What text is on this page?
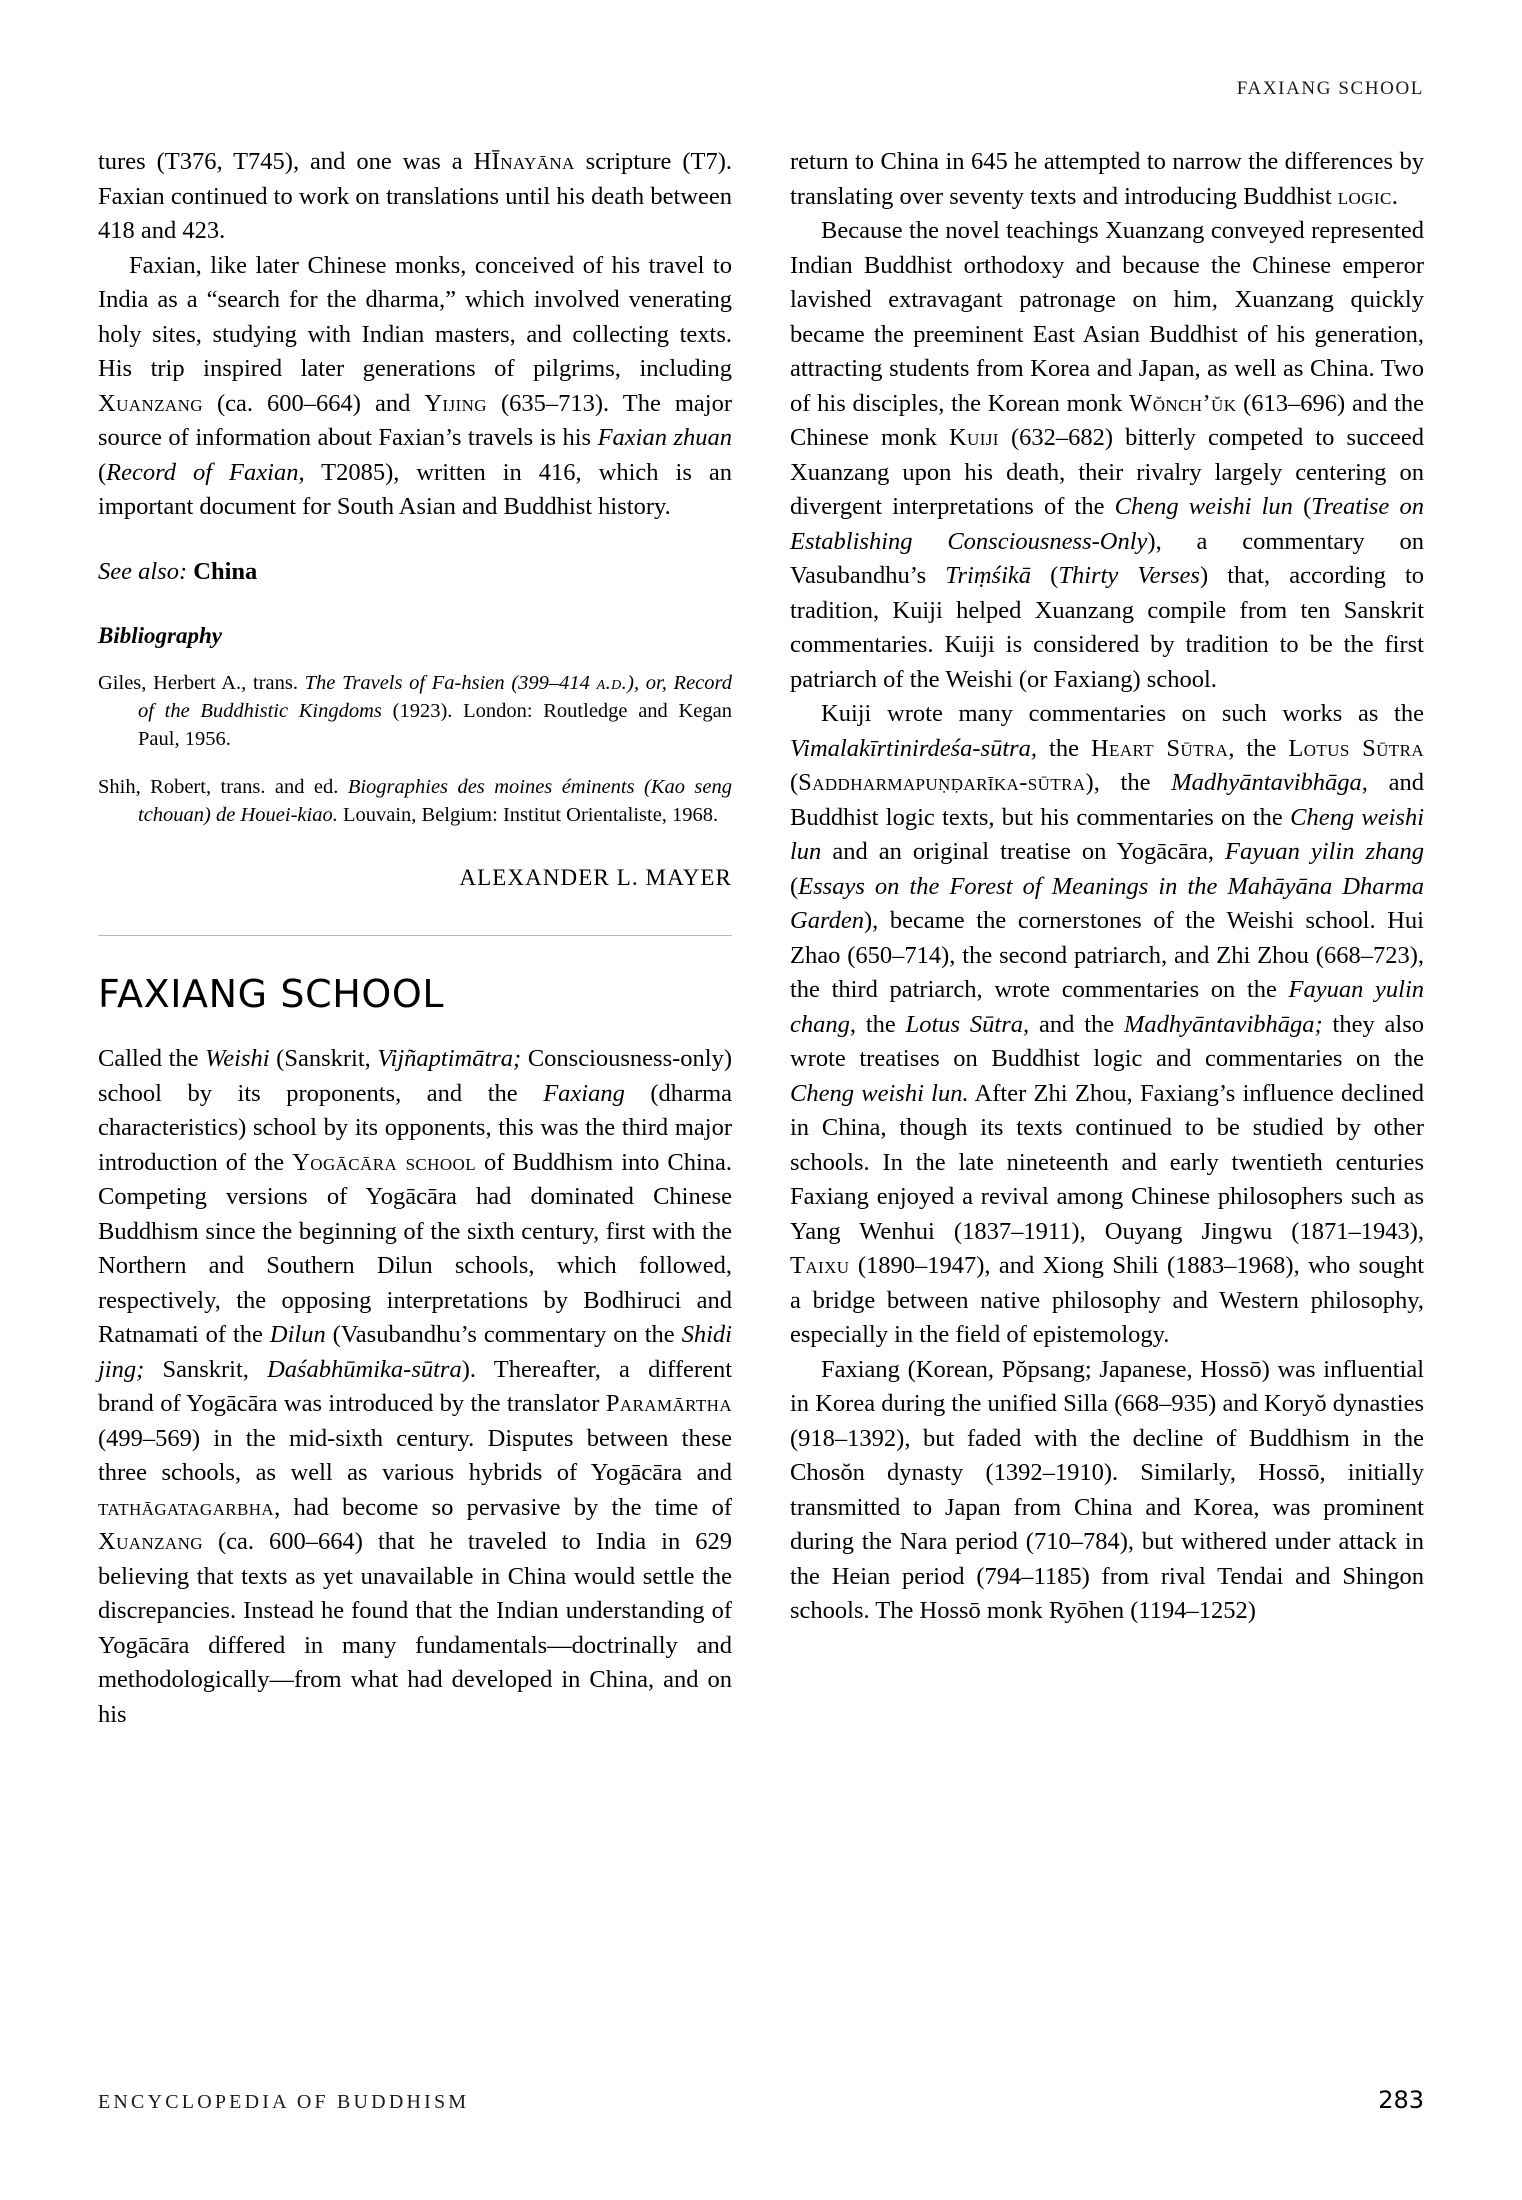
FAXIANG SCHOOL

tures (T376, T745), and one was a HĪnayāna scripture (T7). Faxian continued to work on translations until his death between 418 and 423.

Faxian, like later Chinese monks, conceived of his travel to India as a “search for the dharma,” which involved venerating holy sites, studying with Indian masters, and collecting texts. His trip inspired later generations of pilgrims, including Xuanzang (ca. 600–664) and Yijing (635–713). The major source of information about Faxian’s travels is his Faxian zhuan (Record of Faxian, T2085), written in 416, which is an important document for South Asian and Buddhist history.

See also: China
Bibliography
Giles, Herbert A., trans. The Travels of Fa-hsien (399–414 a.d.), or, Record of the Buddhistic Kingdoms (1923). London: Routledge and Kegan Paul, 1956.
Shih, Robert, trans. and ed. Biographies des moines éminents (Kao seng tchouan) de Houei-kiao. Louvain, Belgium: Institut Orientaliste, 1968.
ALEXANDER L. MAYER
FAXIANG SCHOOL

Called the Weishi (Sanskrit, Vijñaptimātra; Consciousness-only) school by its proponents, and the Faxiang (dharma characteristics) school by its opponents, this was the third major introduction of the Yogācāra school of Buddhism into China. Competing versions of Yogācāra had dominated Chinese Buddhism since the beginning of the sixth century, first with the Northern and Southern Dilun schools, which followed, respectively, the opposing interpretations by Bodhiruci and Ratnamati of the Dilun (Vasubandhu’s commentary on the Shidi jing; Sanskrit, Daśabhūmika-sūtra). Thereafter, a different brand of Yogācāra was introduced by the translator Paramārtha (499–569) in the mid-sixth century. Disputes between these three schools, as well as various hybrids of Yogācāra and tathāgatagarbha, had become so pervasive by the time of Xuanzang (ca. 600–664) that he traveled to India in 629 believing that texts as yet unavailable in China would settle the discrepancies. Instead he found that the Indian understanding of Yogācāra differed in many fundamentals—doctrinally and methodologically—from what had developed in China, and on his

return to China in 645 he attempted to narrow the differences by translating over seventy texts and introducing Buddhist logic.

Because the novel teachings Xuanzang conveyed represented Indian Buddhist orthodoxy and because the Chinese emperor lavished extravagant patronage on him, Xuanzang quickly became the preeminent East Asian Buddhist of his generation, attracting students from Korea and Japan, as well as China. Two of his disciples, the Korean monk Wŏnch’ŭk (613–696) and the Chinese monk Kuiji (632–682) bitterly competed to succeed Xuanzang upon his death, their rivalry largely centering on divergent interpretations of the Cheng weishi lun (Treatise on Establishing Consciousness-Only), a commentary on Vasubandhu’s Triṃśikā (Thirty Verses) that, according to tradition, Kuiji helped Xuanzang compile from ten Sanskrit commentaries. Kuiji is considered by tradition to be the first patriarch of the Weishi (or Faxiang) school.

Kuiji wrote many commentaries on such works as the Vimalakīrtinirdeśa-sūtra, the Heart Sūtra, the Lotus Sūtra (Saddharmapuṇḍarīka-sūtra), the Madhyāntavibhāga, and Buddhist logic texts, but his commentaries on the Cheng weishi lun and an original treatise on Yogācāra, Fayuan yilin zhang (Essays on the Forest of Meanings in the Mahāyāna Dharma Garden), became the cornerstones of the Weishi school. Hui Zhao (650–714), the second patriarch, and Zhi Zhou (668–723), the third patriarch, wrote commentaries on the Fayuan yulin chang, the Lotus Sūtra, and the Madhyāntavibhāga; they also wrote treatises on Buddhist logic and commentaries on the Cheng weishi lun. After Zhi Zhou, Faxiang’s influence declined in China, though its texts continued to be studied by other schools. In the late nineteenth and early twentieth centuries Faxiang enjoyed a revival among Chinese philosophers such as Yang Wenhui (1837–1911), Ouyang Jingwu (1871–1943), Taixu (1890–1947), and Xiong Shili (1883–1968), who sought a bridge between native philosophy and Western philosophy, especially in the field of epistemology.

Faxiang (Korean, Pŏpsang; Japanese, Hossō) was influential in Korea during the unified Silla (668–935) and Koryŏ dynasties (918–1392), but faded with the decline of Buddhism in the Chosŏn dynasty (1392–1910). Similarly, Hossō, initially transmitted to Japan from China and Korea, was prominent during the Nara period (710–784), but withered under attack in the Heian period (794–1185) from rival Tendai and Shingon schools. The Hossō monk Ryōhen (1194–1252)

ENCYCLOPEDIA OF BUDDHISM	283
